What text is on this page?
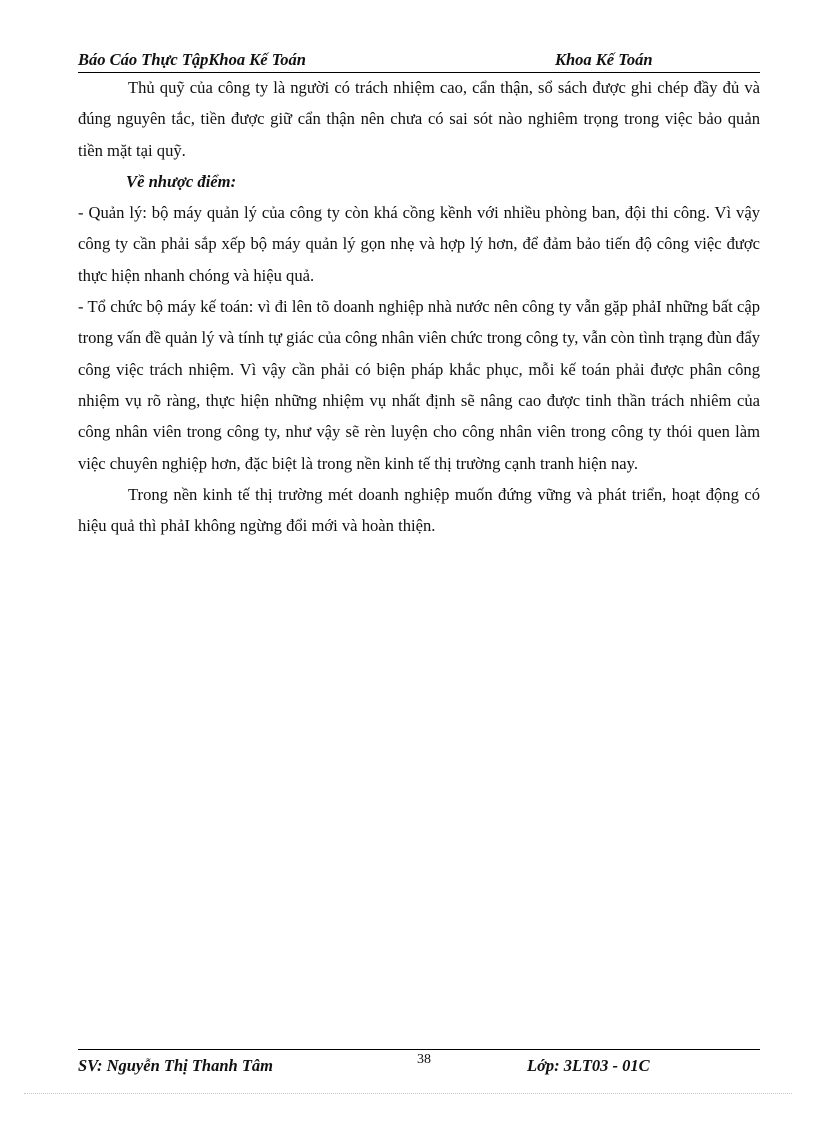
Báo Cáo Thực TậpKhoa Kế Toán	Khoa Kế Toán

Thủ quỹ của công ty là người có trách nhiệm cao, cẩn thận, sổ sách được ghi chép đầy đủ và đúng nguyên tắc, tiền được giữ cẩn thận nên chưa có sai sót nào nghiêm trọng trong việc bảo quản tiền mặt tại quỹ.

Về nhược điểm:

- Quản lý: bộ máy quản lý của công ty còn khá cồng kềnh với nhiều phòng ban, đội thi công. Vì vậy công ty cần phải sắp xếp bộ máy quản lý gọn nhẹ và hợp lý hơn, để đảm bảo tiến độ công việc được thực hiện nhanh chóng và hiệu quả.

- Tổ chức bộ máy kế toán: vì đi lên tõ doanh nghiệp nhà nước nên công ty vẫn gặp phảI những bất cập trong vấn đề quản lý và tính tự giác của công nhân viên chức trong công ty, vẫn còn tình trạng đùn đẩy công việc trách nhiệm. Vì vậy cần phải có biện pháp khắc phục, mỗi kế toán phải được phân công nhiệm vụ rõ ràng, thực hiện những nhiệm vụ nhất định sẽ nâng cao được tinh thần trách nhiêm của công nhân viên trong công ty, như vậy sẽ rèn luyện cho công nhân viên trong công ty thói quen làm việc chuyên nghiệp hơn, đặc biệt là trong nền kinh tế thị trường cạnh tranh hiện nay.

Trong nền kinh tế thị trường mét doanh nghiệp muốn đứng vững và phát triển, hoạt động có hiệu quả thì phảI không ngừng đổi mới và hoàn thiện.

SV: Nguyễn Thị Thanh Tâm	38	Lớp: 3LT03 - 01C
